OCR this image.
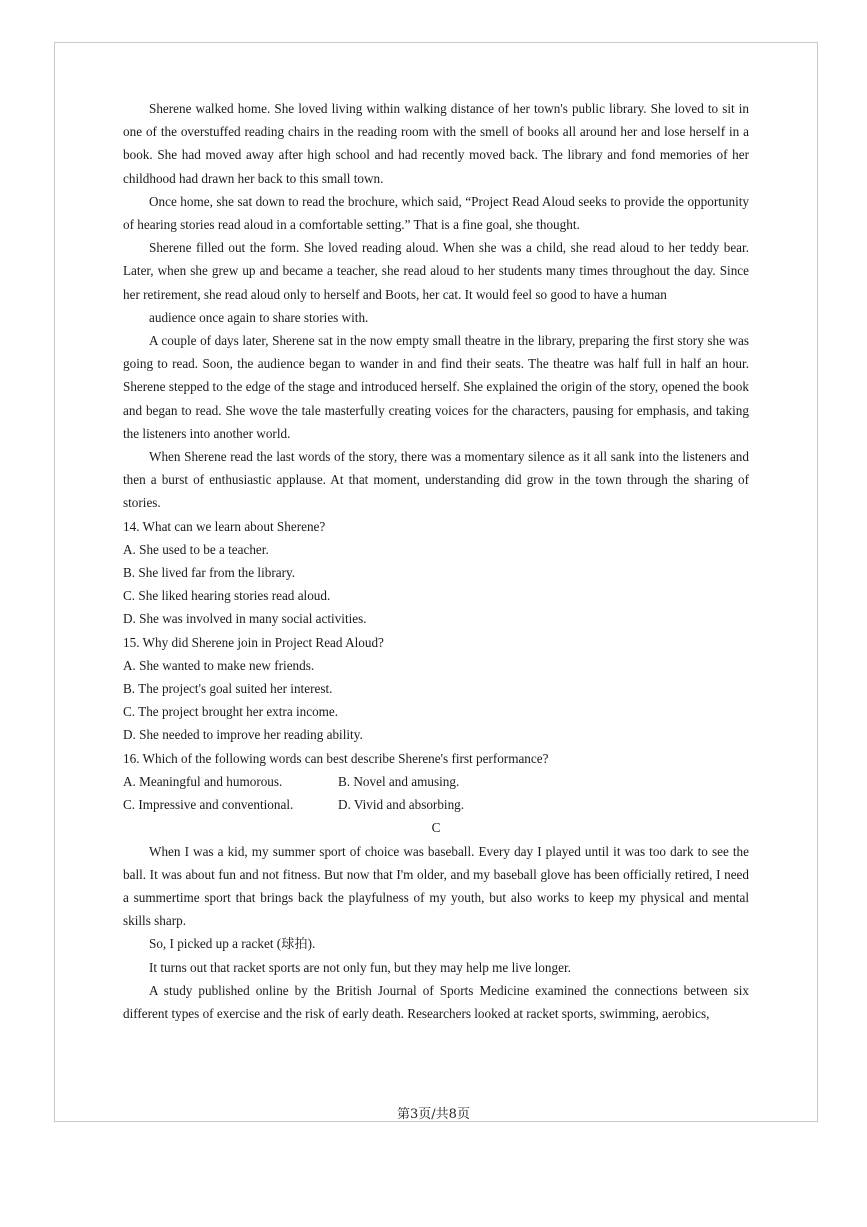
Sherene walked home. She loved living within walking distance of her town's public library. She loved to sit in one of the overstuffed reading chairs in the reading room with the smell of books all around her and lose herself in a book. She had moved away after high school and had recently moved back. The library and fond memories of her childhood had drawn her back to this small town.

Once home, she sat down to read the brochure, which said, “Project Read Aloud seeks to provide the opportunity of hearing stories read aloud in a comfortable setting.” That is a fine goal, she thought.

Sherene filled out the form. She loved reading aloud. When she was a child, she read aloud to her teddy bear. Later, when she grew up and became a teacher, she read aloud to her students many times throughout the day. Since her retirement, she read aloud only to herself and Boots, her cat. It would feel so good to have a human

audience once again to share stories with.

A couple of days later, Sherene sat in the now empty small theatre in the library, preparing the first story she was going to read. Soon, the audience began to wander in and find their seats. The theatre was half full in half an hour. Sherene stepped to the edge of the stage and introduced herself. She explained the origin of the story, opened the book and began to read. She wove the tale masterfully creating voices for the characters, pausing for emphasis, and taking the listeners into another world.

When Sherene read the last words of the story, there was a momentary silence as it all sank into the listeners and then a burst of enthusiastic applause. At that moment, understanding did grow in the town through the sharing of stories.

14. What can we learn about Sherene?

A. She used to be a teacher.

B. She lived far from the library.

C. She liked hearing stories read aloud.

D. She was involved in many social activities.

15. Why did Sherene join in Project Read Aloud?

A. She wanted to make new friends.

B. The project's goal suited her interest.

C. The project brought her extra income.

D. She needed to improve her reading ability.

16. Which of the following words can best describe Sherene's first performance?

A. Meaningful and humorous.	B. Novel and amusing.
C. Impressive and conventional.	D. Vivid and absorbing.

C

When I was a kid, my summer sport of choice was baseball. Every day I played until it was too dark to see the ball. It was about fun and not fitness. But now that I'm older, and my baseball glove has been officially retired, I need a summertime sport that brings back the playfulness of my youth, but also works to keep my physical and mental skills sharp.

So, I picked up a racket (球拍).

It turns out that racket sports are not only fun, but they may help me live longer.

A study published online by the British Journal of Sports Medicine examined the connections between six different types of exercise and the risk of early death. Researchers looked at racket sports, swimming, aerobics,

第3页/共8页
